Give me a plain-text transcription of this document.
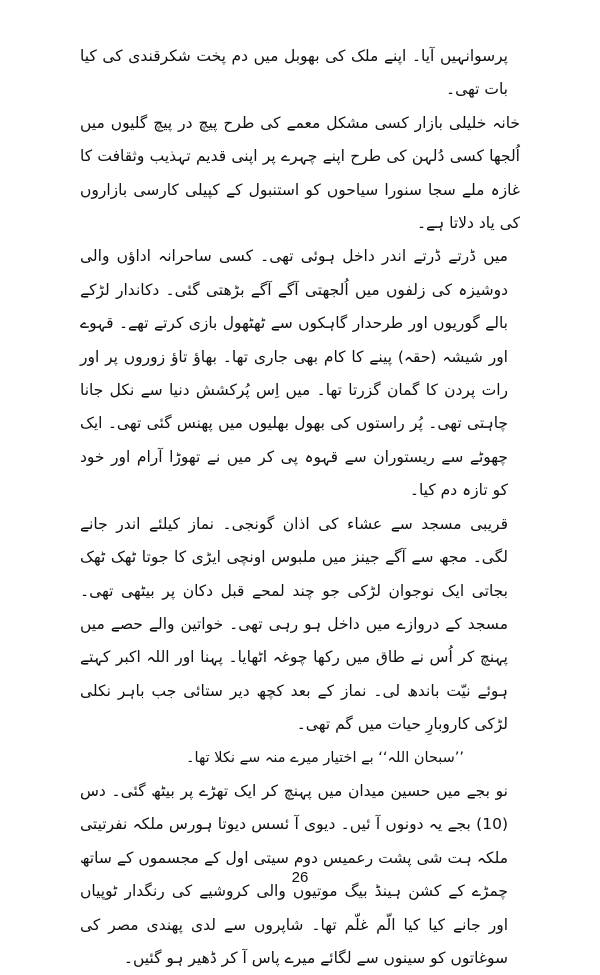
پرسوانہیں آیا۔ اپنے ملک کی بھوبل میں دم پخت شکرقندی کی کیا بات تھی۔

خانہ خلیلی بازار کسی مشکل معمے کی طرح پیچ در پیچ گلیوں میں اُلجھا کسی دُلہن کی طرح اپنے چہرے پر اپنی قدیم تہذیب وثقافت کا غازہ ملے سجا سنورا سیاحوں کو استنبول کے کپیلی کارسی بازاروں کی یاد دلاتا ہے۔

میں ڈرتے ڈرتے اندر داخل ہوئی تھی۔ کسی ساحرانہ اداؤں والی دوشیزہ کی زلفوں میں اُلجھتی آگے آگے بڑھتی گئی۔ دکاندار لڑکے بالے گوریوں اور طرحدار گاہکوں سے ٹھٹھول بازی کرتے تھے۔ قہوے اور شیشہ (حقہ) پینے کا کام بھی جاری تھا۔ بھاؤ تاؤ زوروں پر اور رات پردن کا گمان گزرتا تھا۔ میں اِس پُرکشش دنیا سے نکل جانا چاہتی تھی۔ پُر راستوں کی بھول بھلیوں میں پھنس گئی تھی۔ ایک چھوٹے سے ریستوران سے قہوہ پی کر میں نے تھوڑا آرام اور خود کو تازہ دم کیا۔

قریبی مسجد سے عشاء کی اذان گونجی۔ نماز کیلئے اندر جانے لگی۔ مجھ سے آگے جینز میں ملبوس اونچی ایڑی کا جوتا ٹھک ٹھک بجاتی ایک نوجوان لڑکی جو چند لمحے قبل دکان پر بیٹھی تھی۔ مسجد کے دروازے میں داخل ہو رہی تھی۔ خواتین والے حصے میں پہنچ کر اُس نے طاق میں رکھا چوغہ اٹھایا۔ پہنا اور اللہ اکبر کہتے ہوئے نیّت باندھ لی۔ نماز کے بعد کچھ دیر ستائی جب باہر نکلی لڑکی کاروبارِ حیات میں گم تھی۔

’’سبحان اللہ‘‘ بے اختیار میرے منہ سے نکلا تھا۔

نو بجے میں حسین میدان میں پہنچ کر ایک تھڑے پر بیٹھ گئی۔ دس (10) بجے یہ دونوں آ ئیں۔ دیوی آ ئسس دیوتا ہورس ملکہ نفرتیتی ملکہ ہت شی پشت رعمیس دوم سیتی اول کے مجسموں کے ساتھ چمڑے کے کشن ہینڈ بیگ موتیوں والی کروشیے کی رنگدار ٹوپیاں اور جانے کیا کیا الّم غلّم تھا۔ شاپروں سے لدی پھندی مصر کی سوغاتوں کو سینوں سے لگائے میرے پاس آ کر ڈھیر ہو گئیں۔

26
